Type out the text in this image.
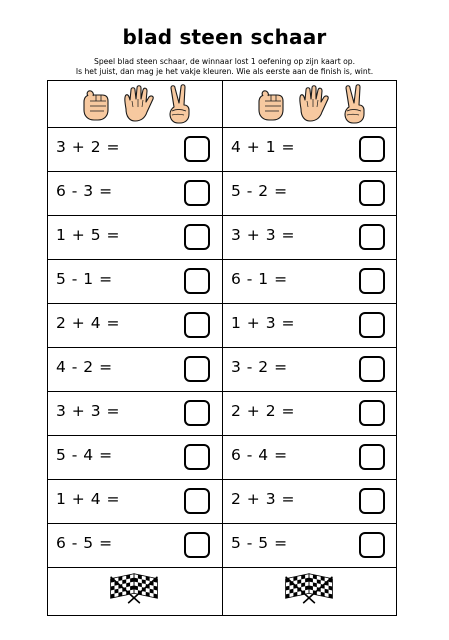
blad steen schaar
Speel blad steen schaar, de winnaar lost 1 oefening op zijn kaart op.
Is het juist, dan mag je het vakje kleuren. Wie als eerste aan de finish is, wint.
3 + 2 =
6 - 3 =
1 + 5 =
5 - 1 =
2 + 4 =
4 - 2 =
3 + 3 =
5 - 4 =
1 + 4 =
6 - 5 =
4 + 1 =
5 - 2 =
3 + 3 =
6 - 1 =
1 + 3 =
3 - 2 =
2 + 2 =
6 - 4 =
2 + 3 =
5 - 5 =
